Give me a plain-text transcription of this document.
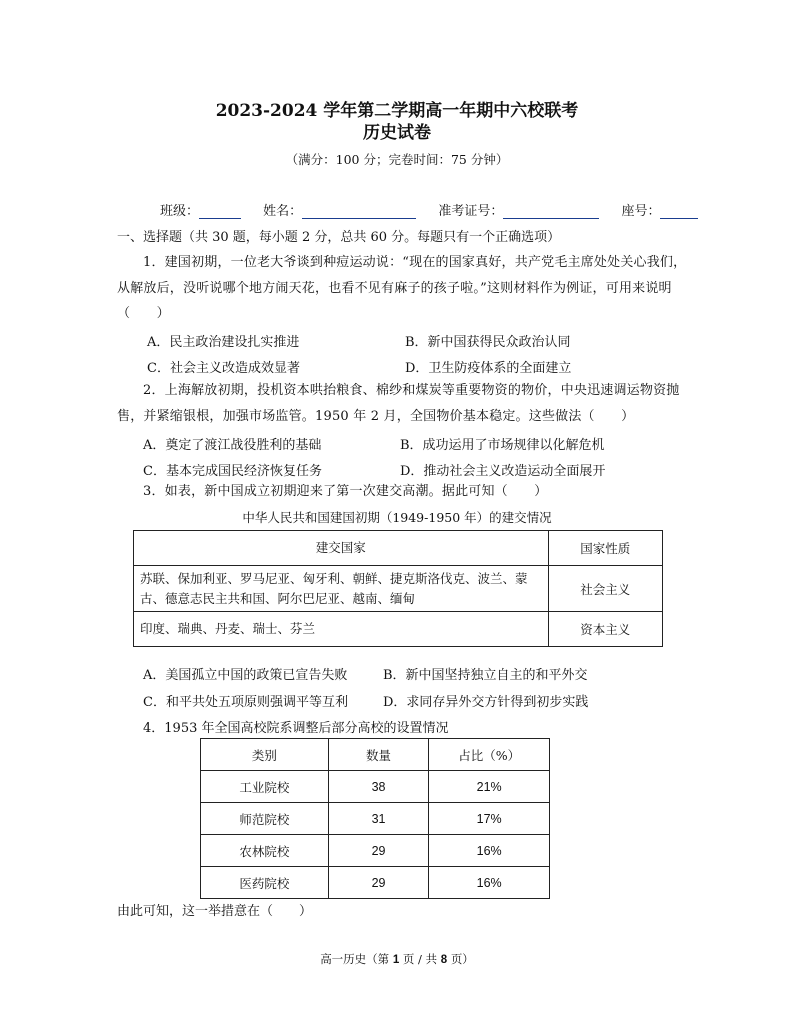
2023-2024 学年第二学期高一年期中六校联考
历史试卷
（满分：100 分；完卷时间：75 分钟）
班级：	姓名：	准考证号：	座号：
一、选择题（共 30 题，每小题 2 分，总共 60 分。每题只有一个正确选项）
1．建国初期，一位老大爷谈到种痘运动说：“现在的国家真好，共产党毛主席处处关心我们，从解放后，没听说哪个地方闹天花，也看不见有麻子的孩子啦。”这则材料作为例证，可用来说明（　　）
A．民主政治建设扎实推进	B．新中国获得民众政治认同
C．社会主义改造成效显著	D．卫生防疫体系的全面建立
2．上海解放初期，投机资本哄抬粮食、棉纱和煤炭等重要物资的物价，中央迅速调运物资抛售，并紧缩银根，加强市场监管。1950 年 2 月，全国物价基本稳定。这些做法（　　）
A．奠定了渡江战役胜利的基础	B．成功运用了市场规律以化解危机
C．基本完成国民经济恢复任务	D．推动社会主义改造运动全面展开
3．如表，新中国成立初期迎来了第一次建交高潮。据此可知（　　）
中华人民共和国建国初期（1949-1950 年）的建交情况
建交国家	国家性质
苏联、保加利亚、罗马尼亚、匈牙利、朝鲜、捷克斯洛伐克、波兰、蒙古、德意志民主共和国、阿尔巴尼亚、越南、缅甸	社会主义
印度、瑞典、丹麦、瑞士、芬兰	资本主义
A．美国孤立中国的政策已宣告失败	B．新中国坚持独立自主的和平外交
C．和平共处五项原则强调平等互利	D．求同存异外交方针得到初步实践
4．1953 年全国高校院系调整后部分高校的设置情况
类别	数量	占比（%）
工业院校	38	21%
师范院校	31	17%
农林院校	29	16%
医药院校	29	16%
由此可知，这一举措意在（　　）
高一历史（第 1 页 / 共 8 页）
